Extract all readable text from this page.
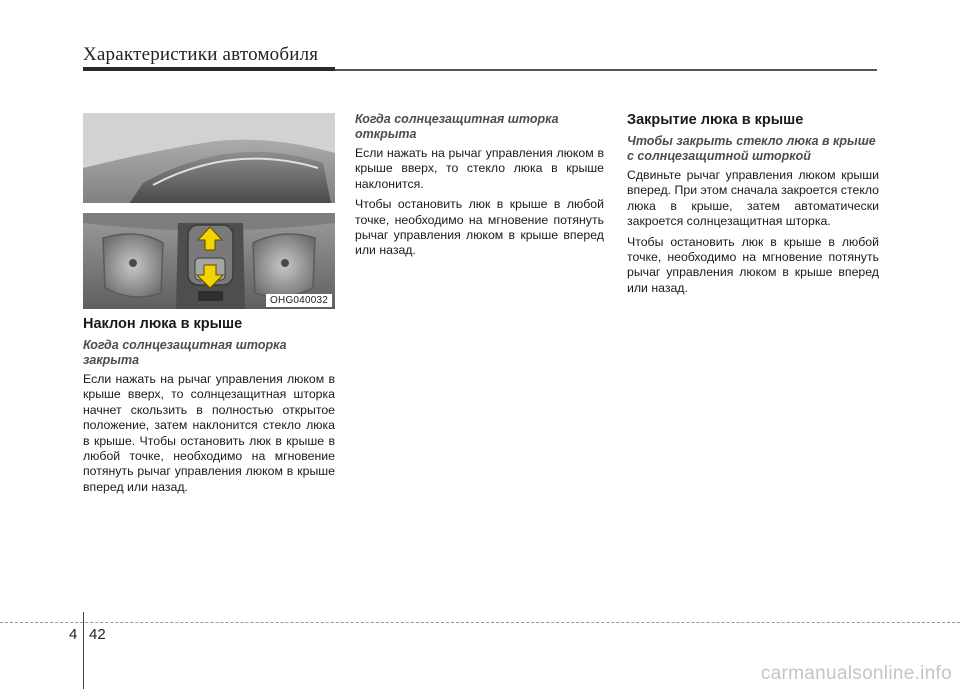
Характеристики автомобиля
OHG040032
Наклон люка в крыше
Когда солнцезащитная шторка закрыта

Если нажать на рычаг управления люком в крыше вверх, то солнцезащитная шторка начнет скользить в полностью открытое положение, затем наклонится стекло люка в крыше. Чтобы остановить люк в крыше в любой точке, необходимо на мгновение потянуть рычаг управления люком в крыше вперед или назад.

Когда солнцезащитная шторка открыта

Если нажать на рычаг управления люком в крыше вверх, то стекло люка в крыше наклонится.

Чтобы остановить люк в крыше в любой точке, необходимо на мгновение потянуть рычаг управления люком в крыше вперед или назад.

Закрытие люка в крыше
Чтобы закрыть стекло люка в крыше с солнцезащитной шторкой

Сдвиньте рычаг управления люком крыши вперед. При этом сначала закроется стекло люка в крыше, затем автоматически закроется солнцезащитная шторка.

Чтобы остановить люк в крыше в любой точке, необходимо на мгновение потянуть рычаг управления люком в крыше вперед или назад.

4 42
carmanualsonline.info
